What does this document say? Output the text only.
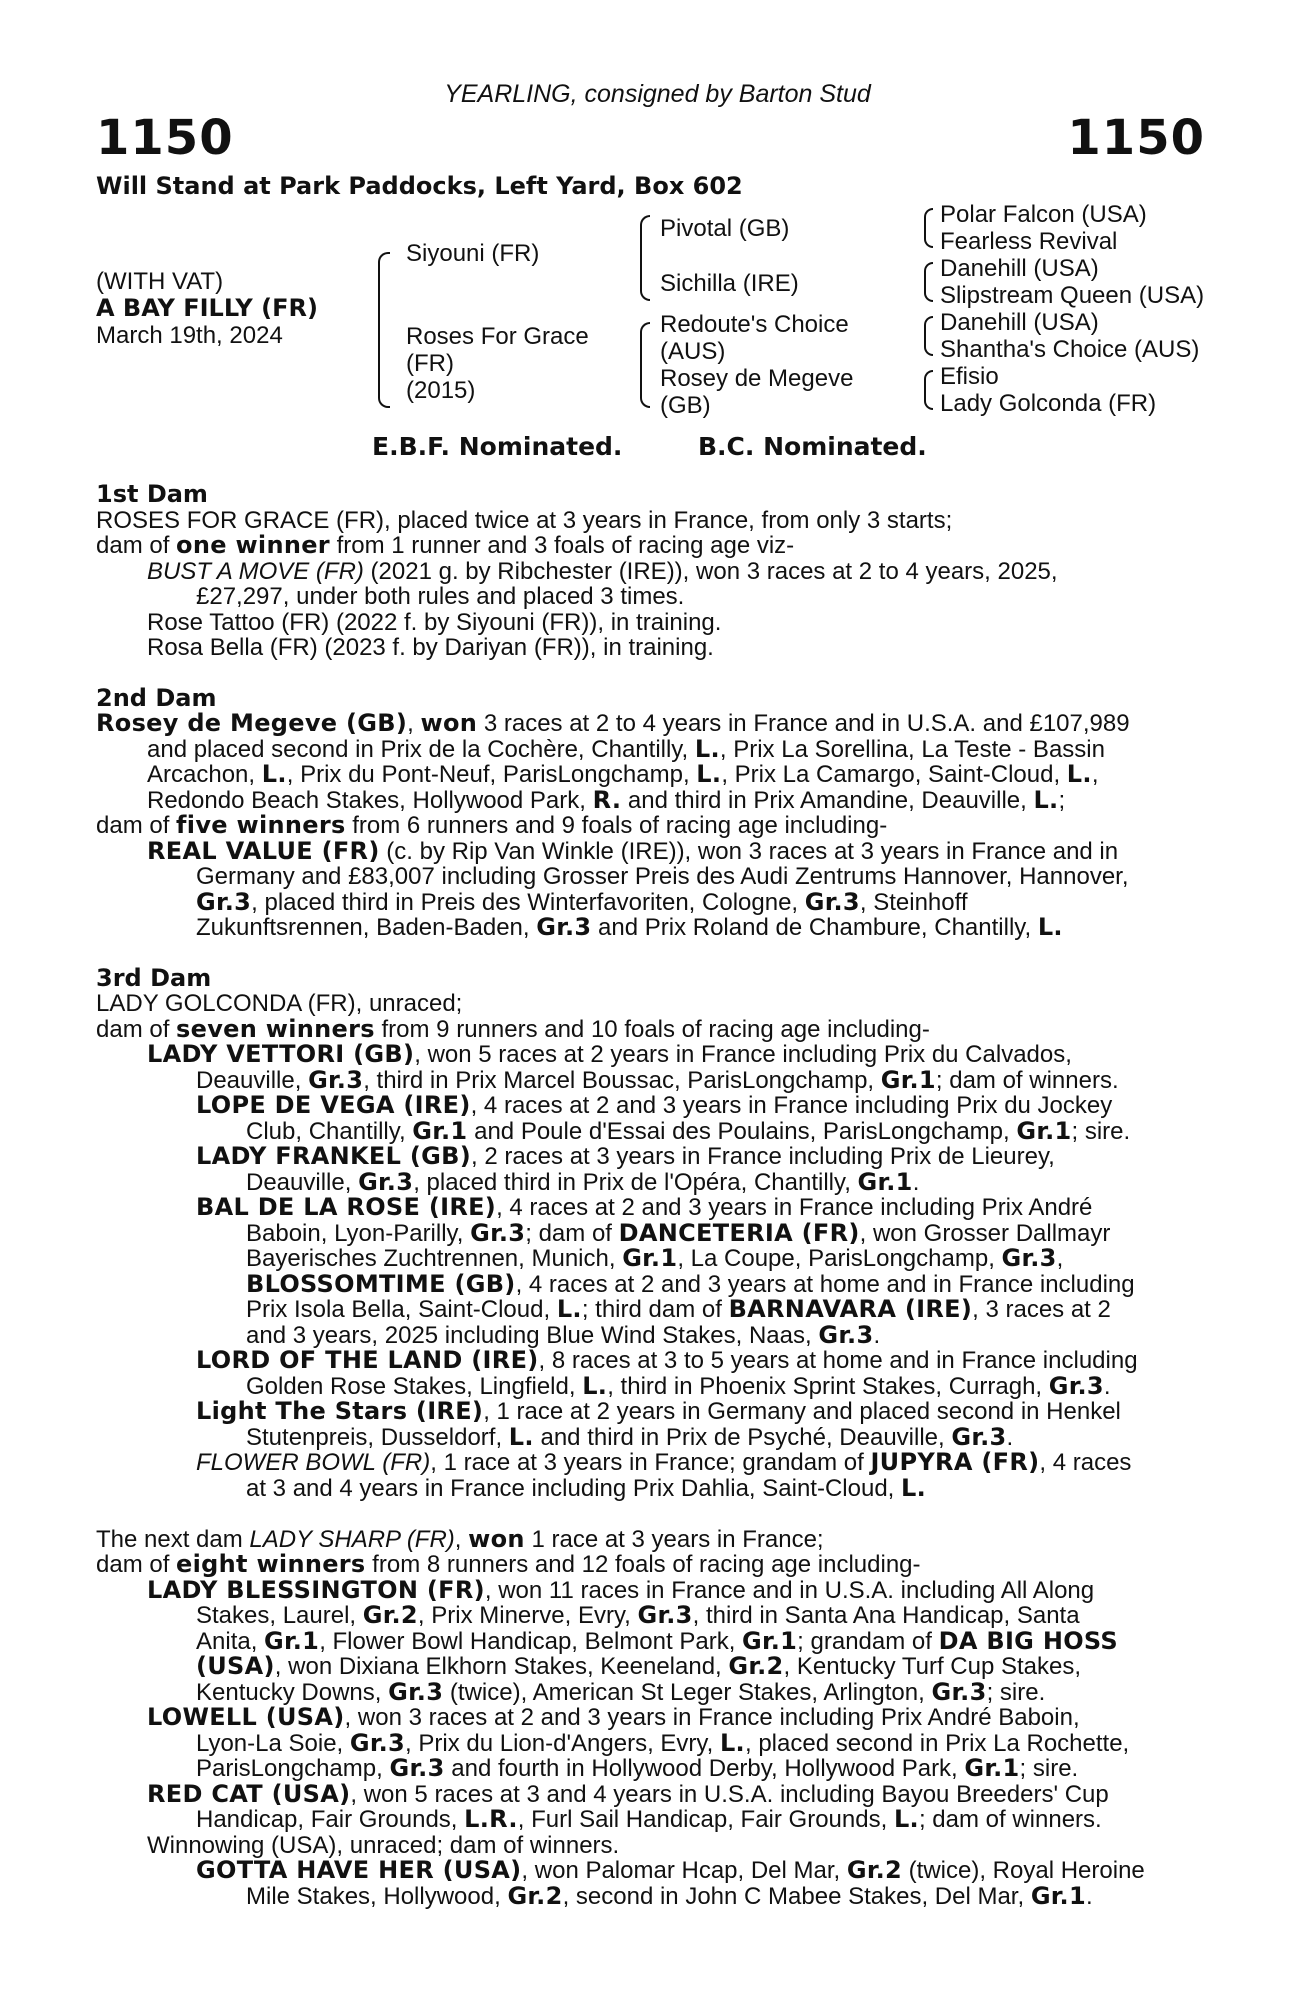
YEARLING, consigned by Barton Stud
1150	1150
Will Stand at Park Paddocks, Left Yard, Box 602
(WITH VAT)
A BAY FILLY (FR)
March 19th, 2024
Siyouni (FR)
Roses For Grace
(FR)
(2015)
Pivotal (GB)
Sichilla (IRE)
Redoute's Choice
(AUS)
Rosey de Megeve
(GB)
Polar Falcon (USA)
Fearless Revival
Danehill (USA)
Slipstream Queen (USA)
Danehill (USA)
Shantha's Choice (AUS)
Efisio
Lady Golconda (FR)
E.B.F. Nominated.	B.C. Nominated.
1st Dam
ROSES FOR GRACE (FR), placed twice at 3 years in France, from only 3 starts;
dam of one winner from 1 runner and 3 foals of racing age viz-
BUST A MOVE (FR) (2021 g. by Ribchester (IRE)), won 3 races at 2 to 4 years, 2025,
£27,297, under both rules and placed 3 times.
Rose Tattoo (FR) (2022 f. by Siyouni (FR)), in training.
Rosa Bella (FR) (2023 f. by Dariyan (FR)), in training.
2nd Dam
Rosey de Megeve (GB), won 3 races at 2 to 4 years in France and in U.S.A. and £107,989
and placed second in Prix de la Cochère, Chantilly, L., Prix La Sorellina, La Teste - Bassin
Arcachon, L., Prix du Pont-Neuf, ParisLongchamp, L., Prix La Camargo, Saint-Cloud, L.,
Redondo Beach Stakes, Hollywood Park, R. and third in Prix Amandine, Deauville, L.;
dam of five winners from 6 runners and 9 foals of racing age including-
REAL VALUE (FR) (c. by Rip Van Winkle (IRE)), won 3 races at 3 years in France and in
Germany and £83,007 including Grosser Preis des Audi Zentrums Hannover, Hannover,
Gr.3, placed third in Preis des Winterfavoriten, Cologne, Gr.3, Steinhoff
Zukunftsrennen, Baden-Baden, Gr.3 and Prix Roland de Chambure, Chantilly, L.
3rd Dam
LADY GOLCONDA (FR), unraced;
dam of seven winners from 9 runners and 10 foals of racing age including-
LADY VETTORI (GB), won 5 races at 2 years in France including Prix du Calvados,
Deauville, Gr.3, third in Prix Marcel Boussac, ParisLongchamp, Gr.1; dam of winners.
LOPE DE VEGA (IRE), 4 races at 2 and 3 years in France including Prix du Jockey
Club, Chantilly, Gr.1 and Poule d'Essai des Poulains, ParisLongchamp, Gr.1; sire.
LADY FRANKEL (GB), 2 races at 3 years in France including Prix de Lieurey,
Deauville, Gr.3, placed third in Prix de l'Opéra, Chantilly, Gr.1.
BAL DE LA ROSE (IRE), 4 races at 2 and 3 years in France including Prix André
Baboin, Lyon-Parilly, Gr.3; dam of DANCETERIA (FR), won Grosser Dallmayr
Bayerisches Zuchtrennen, Munich, Gr.1, La Coupe, ParisLongchamp, Gr.3,
BLOSSOMTIME (GB), 4 races at 2 and 3 years at home and in France including
Prix Isola Bella, Saint-Cloud, L.; third dam of BARNAVARA (IRE), 3 races at 2
and 3 years, 2025 including Blue Wind Stakes, Naas, Gr.3.
LORD OF THE LAND (IRE), 8 races at 3 to 5 years at home and in France including
Golden Rose Stakes, Lingfield, L., third in Phoenix Sprint Stakes, Curragh, Gr.3.
Light The Stars (IRE), 1 race at 2 years in Germany and placed second in Henkel
Stutenpreis, Dusseldorf, L. and third in Prix de Psyché, Deauville, Gr.3.
FLOWER BOWL (FR), 1 race at 3 years in France; grandam of JUPYRA (FR), 4 races
at 3 and 4 years in France including Prix Dahlia, Saint-Cloud, L.
The next dam LADY SHARP (FR), won 1 race at 3 years in France;
dam of eight winners from 8 runners and 12 foals of racing age including-
LADY BLESSINGTON (FR), won 11 races in France and in U.S.A. including All Along
Stakes, Laurel, Gr.2, Prix Minerve, Evry, Gr.3, third in Santa Ana Handicap, Santa
Anita, Gr.1, Flower Bowl Handicap, Belmont Park, Gr.1; grandam of DA BIG HOSS
(USA), won Dixiana Elkhorn Stakes, Keeneland, Gr.2, Kentucky Turf Cup Stakes,
Kentucky Downs, Gr.3 (twice), American St Leger Stakes, Arlington, Gr.3; sire.
LOWELL (USA), won 3 races at 2 and 3 years in France including Prix André Baboin,
Lyon-La Soie, Gr.3, Prix du Lion-d'Angers, Evry, L., placed second in Prix La Rochette,
ParisLongchamp, Gr.3 and fourth in Hollywood Derby, Hollywood Park, Gr.1; sire.
RED CAT (USA), won 5 races at 3 and 4 years in U.S.A. including Bayou Breeders' Cup
Handicap, Fair Grounds, L.R., Furl Sail Handicap, Fair Grounds, L.; dam of winners.
Winnowing (USA), unraced; dam of winners.
GOTTA HAVE HER (USA), won Palomar Hcap, Del Mar, Gr.2 (twice), Royal Heroine
Mile Stakes, Hollywood, Gr.2, second in John C Mabee Stakes, Del Mar, Gr.1.
